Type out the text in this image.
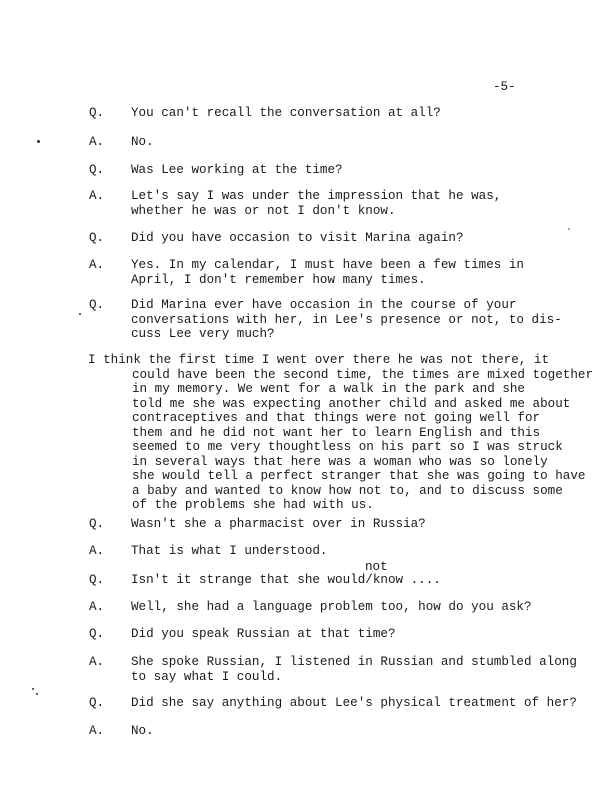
-5-
Q. You can't recall the conversation at all?
A. No.
Q. Was Lee working at the time?
A. Let's say I was under the impression that he was,
whether he was or not I don't know.
Q. Did you have occasion to visit Marina again?
A. Yes. In my calendar, I must have been a few times in
April, I don't remember how many times.
Q. Did Marina ever have occasion in the course of your
conversations with her, in Lee's presence or not, to dis-
cuss Lee very much?
I think the first time I went over there he was not there, it
could have been the second time, the times are mixed together
in my memory. We went for a walk in the park and she
told me she was expecting another child and asked me about
contraceptives and that things were not going well for
them and he did not want her to learn English and this
seemed to me very thoughtless on his part so I was struck
in several ways that here was a woman who was so lonely
she would tell a perfect stranger that she was going to have
a baby and wanted to know how not to, and to discuss some
of the problems she had with us.
Q. Wasn't she a pharmacist over in Russia?
A. That is what I understood.
not
Q. Isn't it strange that she would/know ....
A. Well, she had a language problem too, how do you ask?
Q. Did you speak Russian at that time?
A. She spoke Russian, I listened in Russian and stumbled along
to say what I could.
Q. Did she say anything about Lee's physical treatment of her?
A. No.
